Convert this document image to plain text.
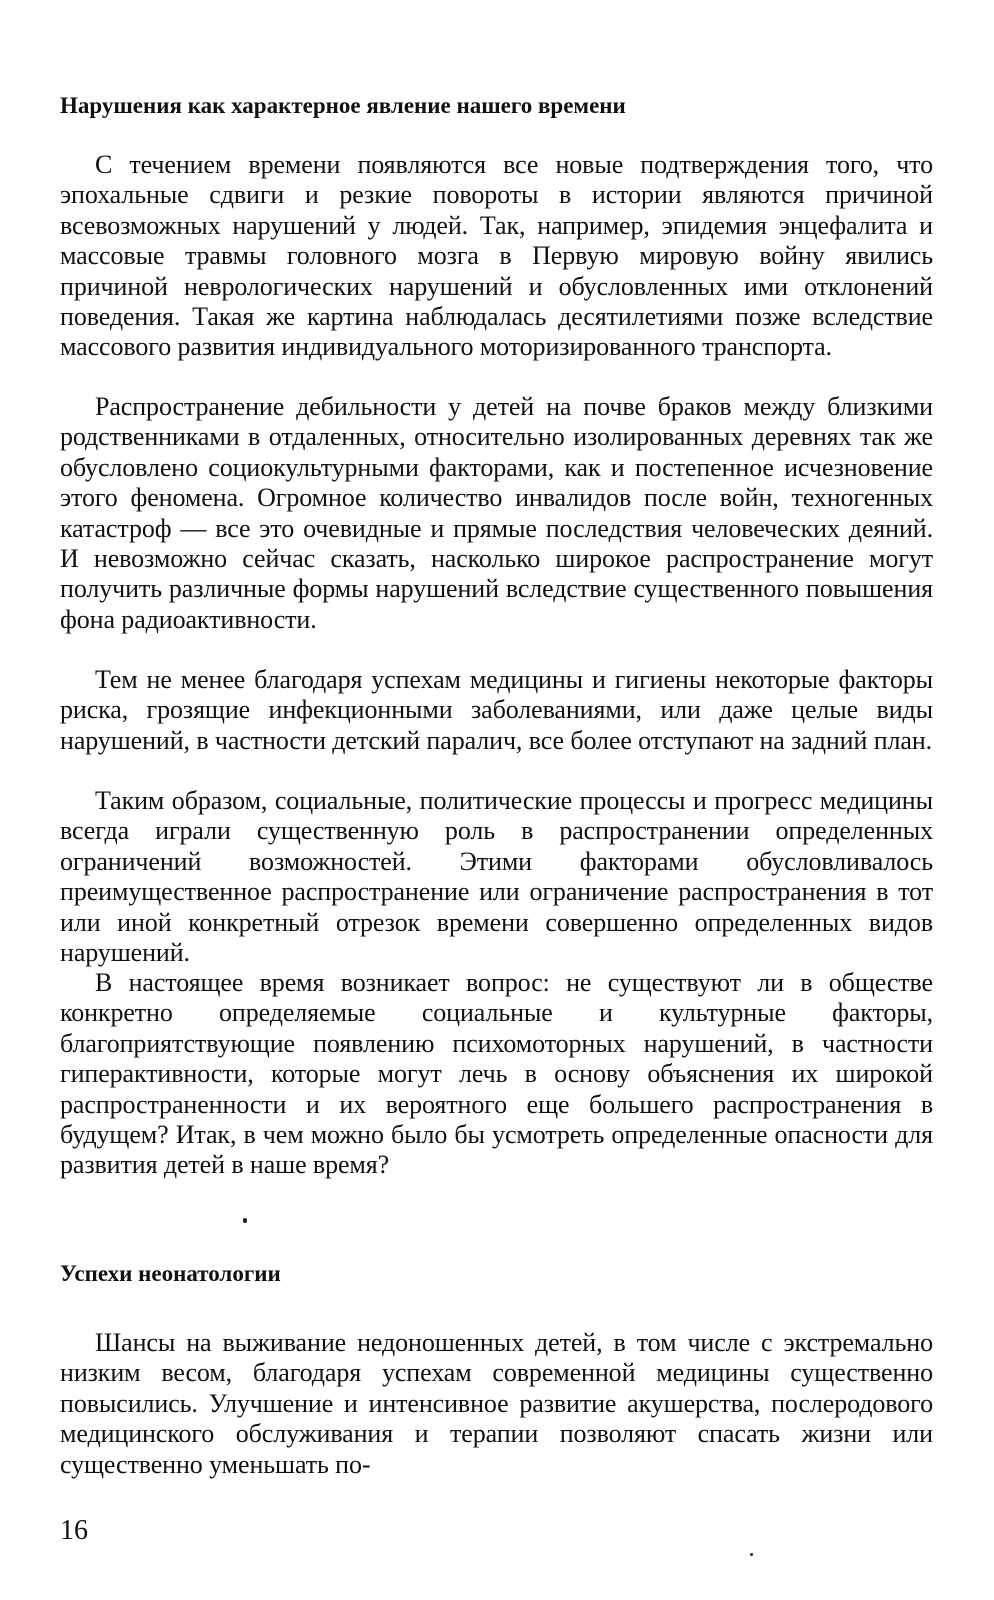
Нарушения как характерное явление нашего времени

С течением времени появляются все новые подтверждения того, что эпохальные сдвиги и резкие повороты в истории являются причиной всевозможных нарушений у людей. Так, например, эпидемия энцефалита и массовые травмы головного мозга в Первую мировую войну явились причиной неврологических нарушений и обусловленных ими отклонений поведения. Такая же картина наблюдалась десятилетиями позже вследствие массового развития индивидуального моторизированного транспорта.

Распространение дебильности у детей на почве браков между близкими родственниками в отдаленных, относительно изолированных деревнях так же обусловлено социокультурными факторами, как и постепенное исчезновение этого феномена. Огромное количество инвалидов после войн, техногенных катастроф — все это очевидные и прямые последствия человеческих деяний. И невозможно сейчас сказать, насколько широкое распространение могут получить различные формы нарушений вследствие существенного повышения фона радиоактивности.

Тем не менее благодаря успехам медицины и гигиены некоторые факторы риска, грозящие инфекционными заболеваниями, или даже целые виды нарушений, в частности детский паралич, все более отступают на задний план.

Таким образом, социальные, политические процессы и прогресс медицины всегда играли существенную роль в распространении определенных ограничений возможностей. Этими факторами обусловливалось преимущественное распространение или ограничение распространения в тот или иной конкретный отрезок времени совершенно определенных видов нарушений.

В настоящее время возникает вопрос: не существуют ли в обществе конкретно определяемые социальные и культурные факторы, благоприятствующие появлению психомоторных нарушений, в частности гиперактивности, которые могут лечь в основу объяснения их широкой распространенности и их вероятного еще большего распространения в будущем? Итак, в чем можно было бы усмотреть определенные опасности для развития детей в наше время?

Успехи неонатологии

Шансы на выживание недоношенных детей, в том числе с экстремально низким весом, благодаря успехам современной медицины существенно повысились. Улучшение и интенсивное развитие акушерства, послеродового медицинского обслуживания и терапии позволяют спасать жизни или существенно уменьшать по-

16
